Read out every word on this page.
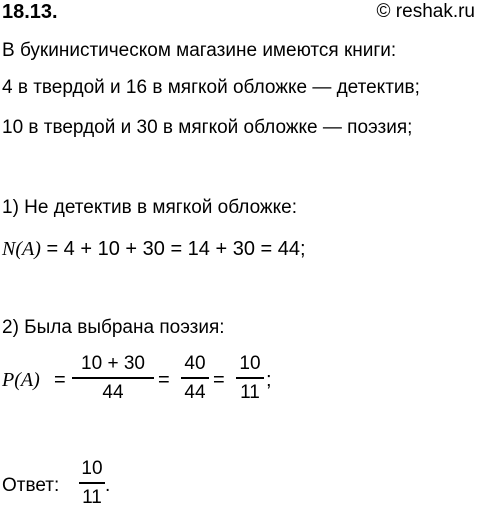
18.13.	© reshak.ru
В букинистическом магазине имеются книги:
4 в твердой и 16 в мягкой обложке — детектив;
10 в твердой и 30 в мягкой обложке — поэзия;
1) Не детектив в мягкой обложке:
N(A) = 4 + 10 + 30 = 14 + 30 = 44;
2) Была выбрана поэзия:
P(A) =
10 + 30
44
=
40
44
=
10
11
;
Ответ:
10
11
.
